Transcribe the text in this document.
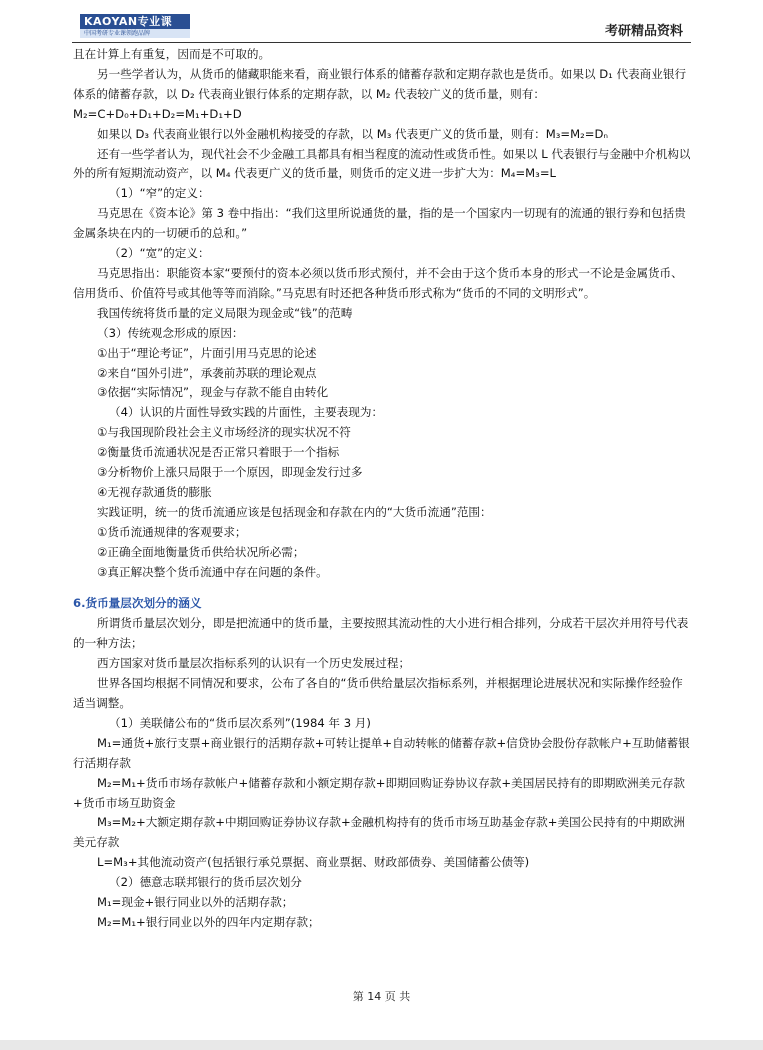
KAOYAN专业课
中国考研专业课领跑品牌	考研精品资料
且在计算上有重复，因而是不可取的。
另一些学者认为，从货币的储藏职能来看，商业银行体系的储蓄存款和定期存款也是货币。如果以 D₁ 代表商业银行体系的储蓄存款，以 D₂ 代表商业银行体系的定期存款，以 M₂ 代表较广义的货币量，则有：M₂=C+D₀+D₁+D₂=M₁+D₁+D
如果以 D₃ 代表商业银行以外金融机构接受的存款，以 M₃ 代表更广义的货币量，则有：M₃=M₂=Dₙ
还有一些学者认为，现代社会不少金融工具都具有相当程度的流动性或货币性。如果以 L 代表银行与金融中介机构以外的所有短期流动资产，以 M₄ 代表更广义的货币量，则货币的定义进一步扩大为：M₄=M₃=L
（1）“窄”的定义：
马克思在《资本论》第 3 卷中指出：“我们这里所说通货的量，指的是一个国家内一切现有的流通的银行券和包括贵金属条块在内的一切硬币的总和。”
（2）“宽”的定义：
马克思指出：职能资本家“要预付的资本必须以货币形式预付，并不会由于这个货币本身的形式一不论是金属货币、信用货币、价值符号或其他等等而消除。”马克思有时还把各种货币形式称为“货币的不同的文明形式”。
我国传统将货币量的定义局限为现金或“钱”的范畴
（3）传统观念形成的原因：
①出于“理论考证”，片面引用马克思的论述
②来自“国外引进”，承袭前苏联的理论观点
③依据“实际情况”，现金与存款不能自由转化
（4）认识的片面性导致实践的片面性，主要表现为：
①与我国现阶段社会主义市场经济的现实状况不符
②衡量货币流通状况是否正常只着眼于一个指标
③分析物价上涨只局限于一个原因，即现金发行过多
④无视存款通货的膨胀
实践证明，统一的货币流通应该是包括现金和存款在内的“大货币流通”范围：
①货币流通规律的客观要求；
②正确全面地衡量货币供给状况所必需；
③真正解决整个货币流通中存在问题的条件。
6.货币量层次划分的涵义
所谓货币量层次划分，即是把流通中的货币量，主要按照其流动性的大小进行相合排列，分成若干层次并用符号代表的一种方法；
西方国家对货币量层次指标系列的认识有一个历史发展过程；
世界各国均根据不同情况和要求，公布了各自的“货币供给量层次指标系列，并根据理论进展状况和实际操作经验作适当调整。
（1）美联储公布的“货币层次系列”(1984 年 3 月)
M₁=通货+旅行支票+商业银行的活期存款+可转让提单+自动转帐的储蓄存款+信贷协会股份存款帐户+互助储蓄银行活期存款
M₂=M₁+货币市场存款帐户+储蓄存款和小额定期存款+即期回购证券协议存款+美国居民持有的即期欧洲美元存款+货币市场互助资金
M₃=M₂+大额定期存款+中期回购证券协议存款+金融机构持有的货币市场互助基金存款+美国公民持有的中期欧洲美元存款
L=M₃+其他流动资产(包括银行承兑票据、商业票据、财政部债券、美国储蓄公债等)
（2）德意志联邦银行的货币层次划分
M₁=现金+银行同业以外的活期存款；
M₂=M₁+银行同业以外的四年内定期存款；
第 14 页 共
